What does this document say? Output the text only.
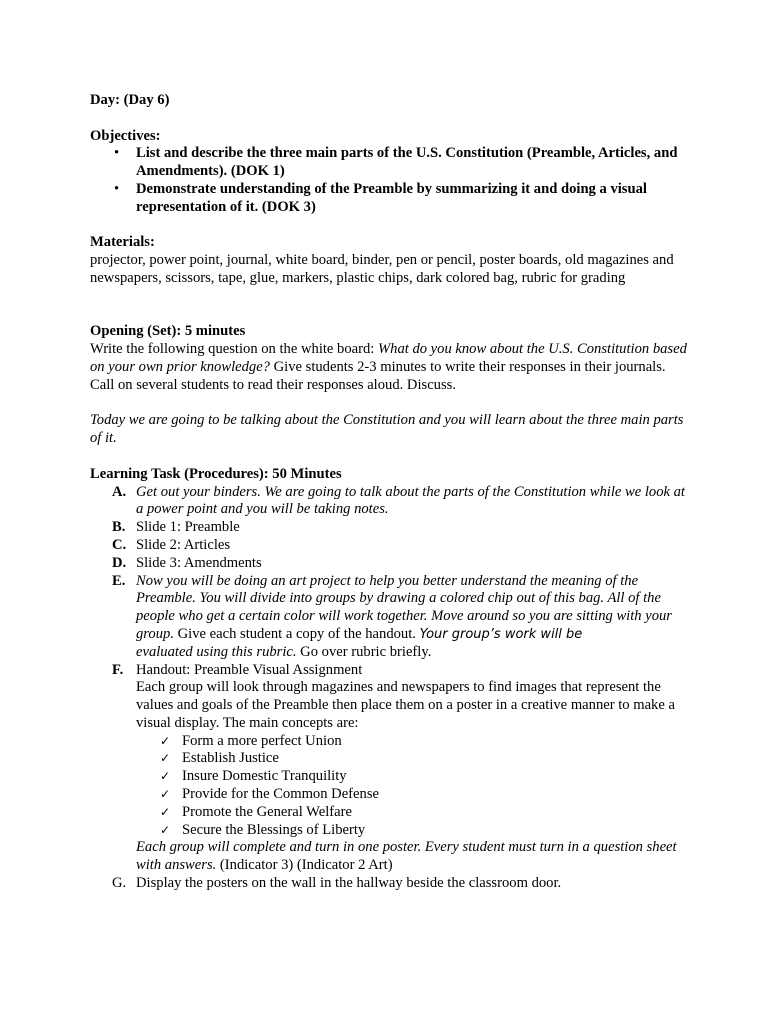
Day: (Day 6)

Objectives:

• List and describe the three main parts of the U.S. Constitution (Preamble, Articles, and Amendments). (DOK 1)
• Demonstrate understanding of the Preamble by summarizing it and doing a visual representation of it. (DOK 3)

Materials:

projector, power point, journal, white board, binder, pen or pencil, poster boards, old magazines and newspapers, scissors, tape, glue, markers, plastic chips, dark colored bag, rubric for grading

Opening (Set): 5 minutes

Write the following question on the white board: What do you know about the U.S. Constitution based on your own prior knowledge? Give students 2-3 minutes to write their responses in their journals. Call on several students to read their responses aloud. Discuss.

Today we are going to be talking about the Constitution and you will learn about the three main parts of it.

Learning Task (Procedures): 50 Minutes

A. Get out your binders. We are going to talk about the parts of the Constitution while we look at a power point and you will be taking notes.
B. Slide 1: Preamble
C. Slide 2: Articles
D. Slide 3: Amendments
E. Now you will be doing an art project to help you better understand the meaning of the Preamble. You will divide into groups by drawing a colored chip out of this bag. All of the people who get a certain color will work together. Move around so you are sitting with your group. Give each student a copy of the handout. Your group’s work will be
evaluated using this rubric. Go over rubric briefly.
F. Handout: Preamble Visual Assignment
Each group will look through magazines and newspapers to find images that represent the values and goals of the Preamble then place them on a poster in a creative manner to make a visual display. The main concepts are:
✓ Form a more perfect Union
✓ Establish Justice
✓ Insure Domestic Tranquility
✓ Provide for the Common Defense
✓ Promote the General Welfare
✓ Secure the Blessings of Liberty
Each group will complete and turn in one poster. Every student must turn in a question sheet with answers. (Indicator 3) (Indicator 2 Art)
G. Display the posters on the wall in the hallway beside the classroom door.
